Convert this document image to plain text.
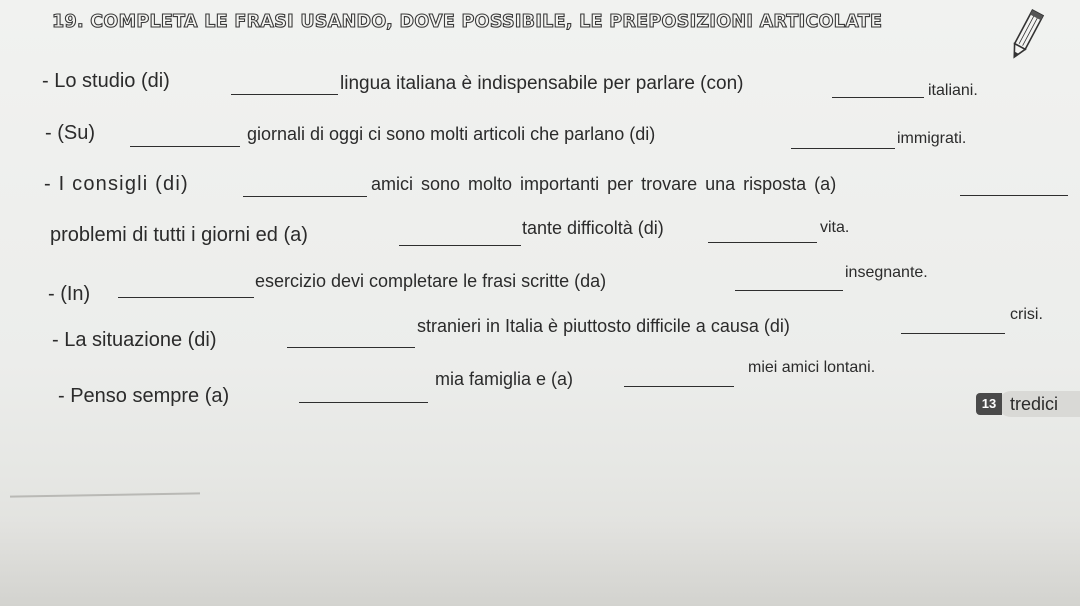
19. COMPLETA LE FRASI USANDO, DOVE POSSIBILE, LE PREPOSIZIONI ARTICOLATE
- Lo studio (di)	lingua italiana è indispensabile per parlare (con)	italiani.
- (Su)	giornali di oggi ci sono molti articoli che parlano (di)	immigrati.
- I consigli (di)	amici sono molto importanti per trovare una risposta (a)
problemi di tutti i giorni ed (a)	tante difficoltà (di)	vita.
- (In)
esercizio devi completare le frasi scritte (da)	insegnante.
- La situazione (di)
stranieri in Italia è piuttosto difficile a causa (di)
crisi.
- Penso sempre (a)
mia famiglia e (a)
miei amici lontani.
tredici
13
